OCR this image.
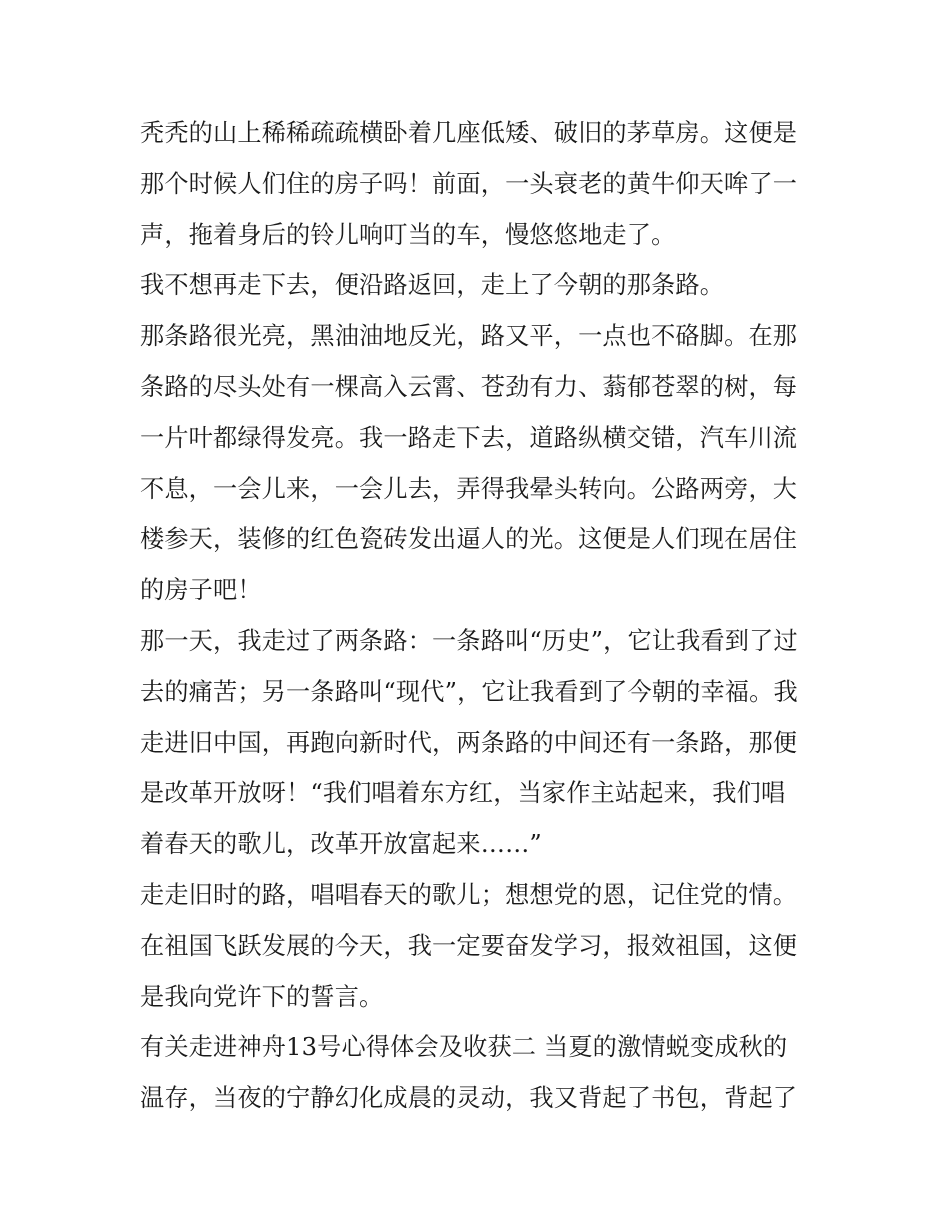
秃秃的山上稀稀疏疏横卧着几座低矮、破旧的茅草房。这便是
那个时候人们住的房子吗！前面，一头衰老的黄牛仰天哞了一
声，拖着身后的铃儿响叮当的车，慢悠悠地走了。
我不想再走下去，便沿路返回，走上了今朝的那条路。
那条路很光亮，黑油油地反光，路又平，一点也不硌脚。在那
条路的尽头处有一棵高入云霄、苍劲有力、蓊郁苍翠的树，每
一片叶都绿得发亮。我一路走下去，道路纵横交错，汽车川流
不息，一会儿来，一会儿去，弄得我晕头转向。公路两旁，大
楼参天，装修的红色瓷砖发出逼人的光。这便是人们现在居住
的房子吧！
那一天，我走过了两条路：一条路叫“历史”，它让我看到了过
去的痛苦；另一条路叫“现代”，它让我看到了今朝的幸福。我
走进旧中国，再跑向新时代，两条路的中间还有一条路，那便
是改革开放呀！“我们唱着东方红，当家作主站起来，我们唱
着春天的歌儿，改革开放富起来……”
走走旧时的路，唱唱春天的歌儿；想想党的恩，记住党的情。
在祖国飞跃发展的今天，我一定要奋发学习，报效祖国，这便
是我向党许下的誓言。
有关走进神舟13号心得体会及收获二 当夏的激情蜕变成秋的
温存，当夜的宁静幻化成晨的灵动，我又背起了书包，背起了
